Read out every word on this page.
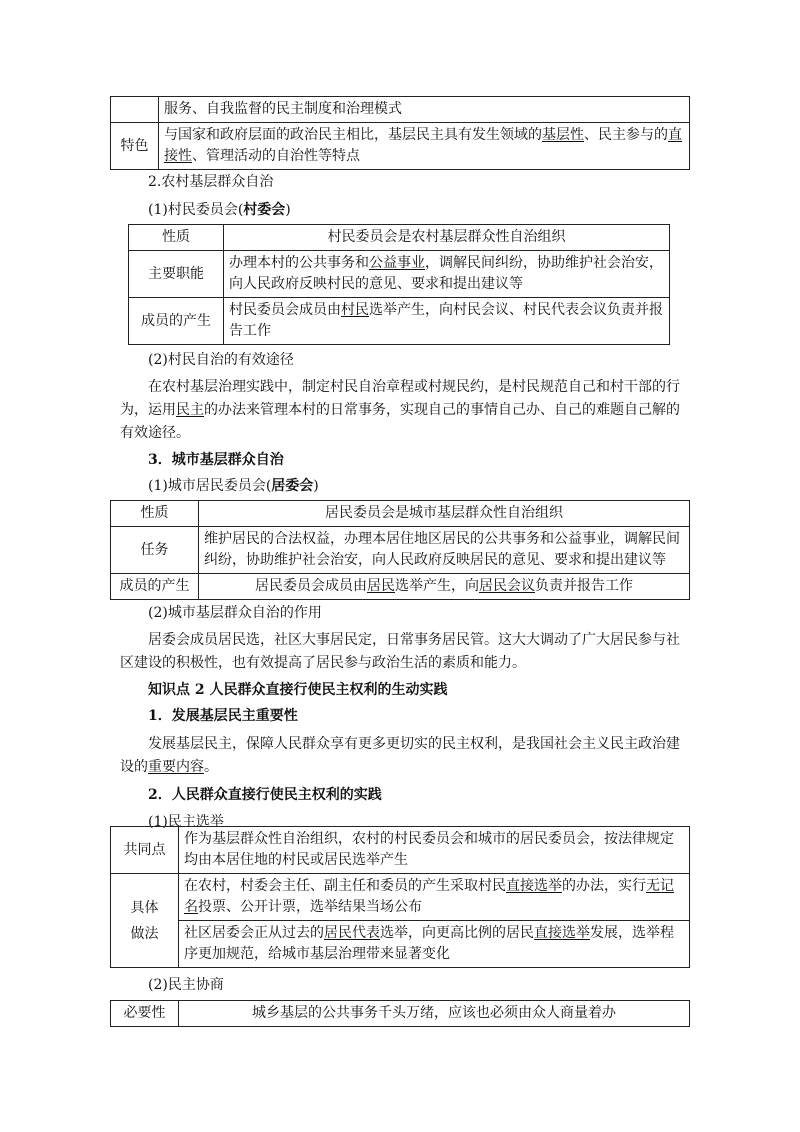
	服务、自我监督的民主制度和治理模式
特色	与国家和政府层面的政治民主相比，基层民主具有发生领域的基层性、民主参与的直接性、管理活动的自治性等特点
2.农村基层群众自治
(1)村民委员会(村委会)
性质	村民委员会是农村基层群众性自治组织
主要职能	办理本村的公共事务和公益事业，调解民间纠纷，协助维护社会治安，向人民政府反映村民的意见、要求和提出建议等
成员的产生	村民委员会成员由村民选举产生，向村民会议、村民代表会议负责并报告工作
(2)村民自治的有效途径
在农村基层治理实践中，制定村民自治章程或村规民约，是村民规范自己和村干部的行为，运用民主的办法来管理本村的日常事务，实现自己的事情自己办、自己的难题自己解的有效途径。
3．城市基层群众自治
(1)城市居民委员会(居委会)
性质	居民委员会是城市基层群众性自治组织
任务	维护居民的合法权益，办理本居住地区居民的公共事务和公益事业，调解民间纠纷，协助维护社会治安，向人民政府反映居民的意见、要求和提出建议等
成员的产生	居民委员会成员由居民选举产生，向居民会议负责并报告工作
(2)城市基层群众自治的作用
居委会成员居民选，社区大事居民定，日常事务居民管。这大大调动了广大居民参与社区建设的积极性，也有效提高了居民参与政治生活的素质和能力。
知识点 2 人民群众直接行使民主权利的生动实践
1．发展基层民主重要性
发展基层民主，保障人民群众享有更多更切实的民主权利，是我国社会主义民主政治建设的重要内容。
2．人民群众直接行使民主权利的实践
(1)民主选举
共同点	作为基层群众性自治组织，农村的村民委员会和城市的居民委员会，按法律规定均由本居住地的村民或居民选举产生
具体
做法	在农村，村委会主任、副主任和委员的产生采取村民直接选举的办法，实行无记名投票、公开计票，选举结果当场公布
	社区居委会正从过去的居民代表选举，向更高比例的居民直接选举发展，选举程序更加规范，给城市基层治理带来显著变化
(2)民主协商
必要性	城乡基层的公共事务千头万绪，应该也必须由众人商量着办
